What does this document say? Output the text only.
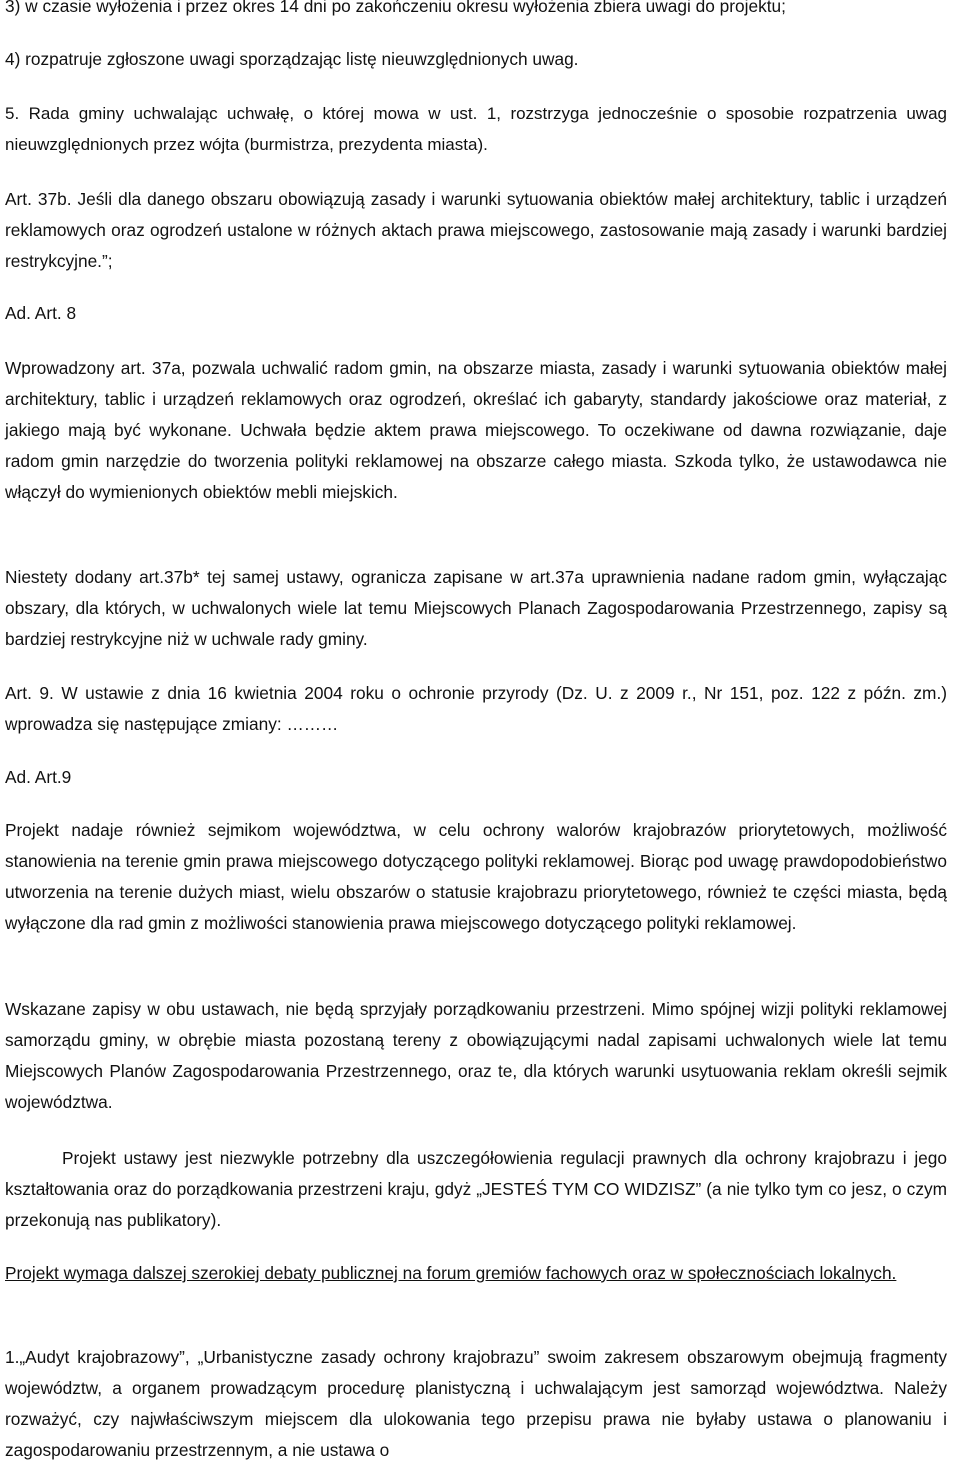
3) w czasie wyłożenia i przez okres 14 dni po zakończeniu okresu wyłożenia zbiera uwagi do projektu;

4) rozpatruje zgłoszone uwagi sporządzając listę nieuwzględnionych uwag.

5. Rada gminy uchwalając uchwałę, o której mowa w ust. 1, rozstrzyga jednocześnie o sposobie rozpatrzenia uwag nieuwzględnionych przez wójta (burmistrza, prezydenta miasta).

Art. 37b. Jeśli dla danego obszaru obowiązują zasady i warunki sytuowania obiektów małej architektury, tablic i urządzeń reklamowych oraz ogrodzeń ustalone w różnych aktach prawa miejscowego, zastosowanie mają zasady i warunki bardziej restrykcyjne.”;

Ad. Art. 8

Wprowadzony art. 37a, pozwala uchwalić radom gmin, na obszarze miasta, zasady i warunki sytuowania obiektów małej architektury, tablic i urządzeń reklamowych oraz ogrodzeń, określać ich gabaryty, standardy jakościowe oraz materiał, z jakiego mają być wykonane. Uchwała będzie aktem prawa miejscowego. To oczekiwane od dawna rozwiązanie, daje radom gmin narzędzie do tworzenia polityki reklamowej na obszarze całego miasta. Szkoda tylko, że ustawodawca nie włączył do wymienionych obiektów mebli miejskich.

Niestety dodany art.37b* tej samej ustawy, ogranicza zapisane w art.37a uprawnienia nadane radom gmin, wyłączając obszary, dla których, w uchwalonych wiele lat temu Miejscowych Planach Zagospodarowania Przestrzennego, zapisy są bardziej restrykcyjne niż w uchwale rady gminy.

Art. 9. W ustawie z dnia 16 kwietnia 2004 roku o ochronie przyrody (Dz. U. z 2009 r., Nr 151, poz. 122 z późn. zm.) wprowadza się następujące zmiany: ………

Ad. Art.9

Projekt nadaje również sejmikom województwa, w celu ochrony walorów krajobrazów priorytetowych, możliwość stanowienia na terenie gmin prawa miejscowego dotyczącego polityki reklamowej. Biorąc pod uwagę prawdopodobieństwo utworzenia na terenie dużych miast, wielu obszarów o statusie krajobrazu priorytetowego, również te części miasta, będą wyłączone dla rad gmin z możliwości stanowienia prawa miejscowego dotyczącego polityki reklamowej.

Wskazane zapisy w obu ustawach, nie będą sprzyjały porządkowaniu przestrzeni. Mimo spójnej wizji polityki reklamowej samorządu gminy, w obrębie miasta pozostaną tereny z obowiązującymi nadal zapisami uchwalonych wiele lat temu Miejscowych Planów Zagospodarowania Przestrzennego, oraz te, dla których warunki usytuowania reklam określi sejmik województwa.

Projekt ustawy jest niezwykle potrzebny dla uszczegółowienia regulacji prawnych dla ochrony krajobrazu i jego kształtowania oraz do porządkowania przestrzeni kraju, gdyż „JESTEŚ TYM CO WIDZISZ” (a nie tylko tym co jesz, o czym przekonują nas publikatory).

Projekt wymaga dalszej szerokiej debaty publicznej na forum gremiów fachowych oraz w społecznościach lokalnych.

1.„Audyt krajobrazowy”, „Urbanistyczne zasady ochrony krajobrazu” swoim zakresem obszarowym obejmują fragmenty województw, a organem prowadzącym procedurę planistyczną i uchwalającym jest samorząd województwa. Należy rozważyć, czy najwłaściwszym miejscem dla ulokowania tego przepisu prawa nie byłaby ustawa o planowaniu i zagospodarowaniu przestrzennym, a nie ustawa o
